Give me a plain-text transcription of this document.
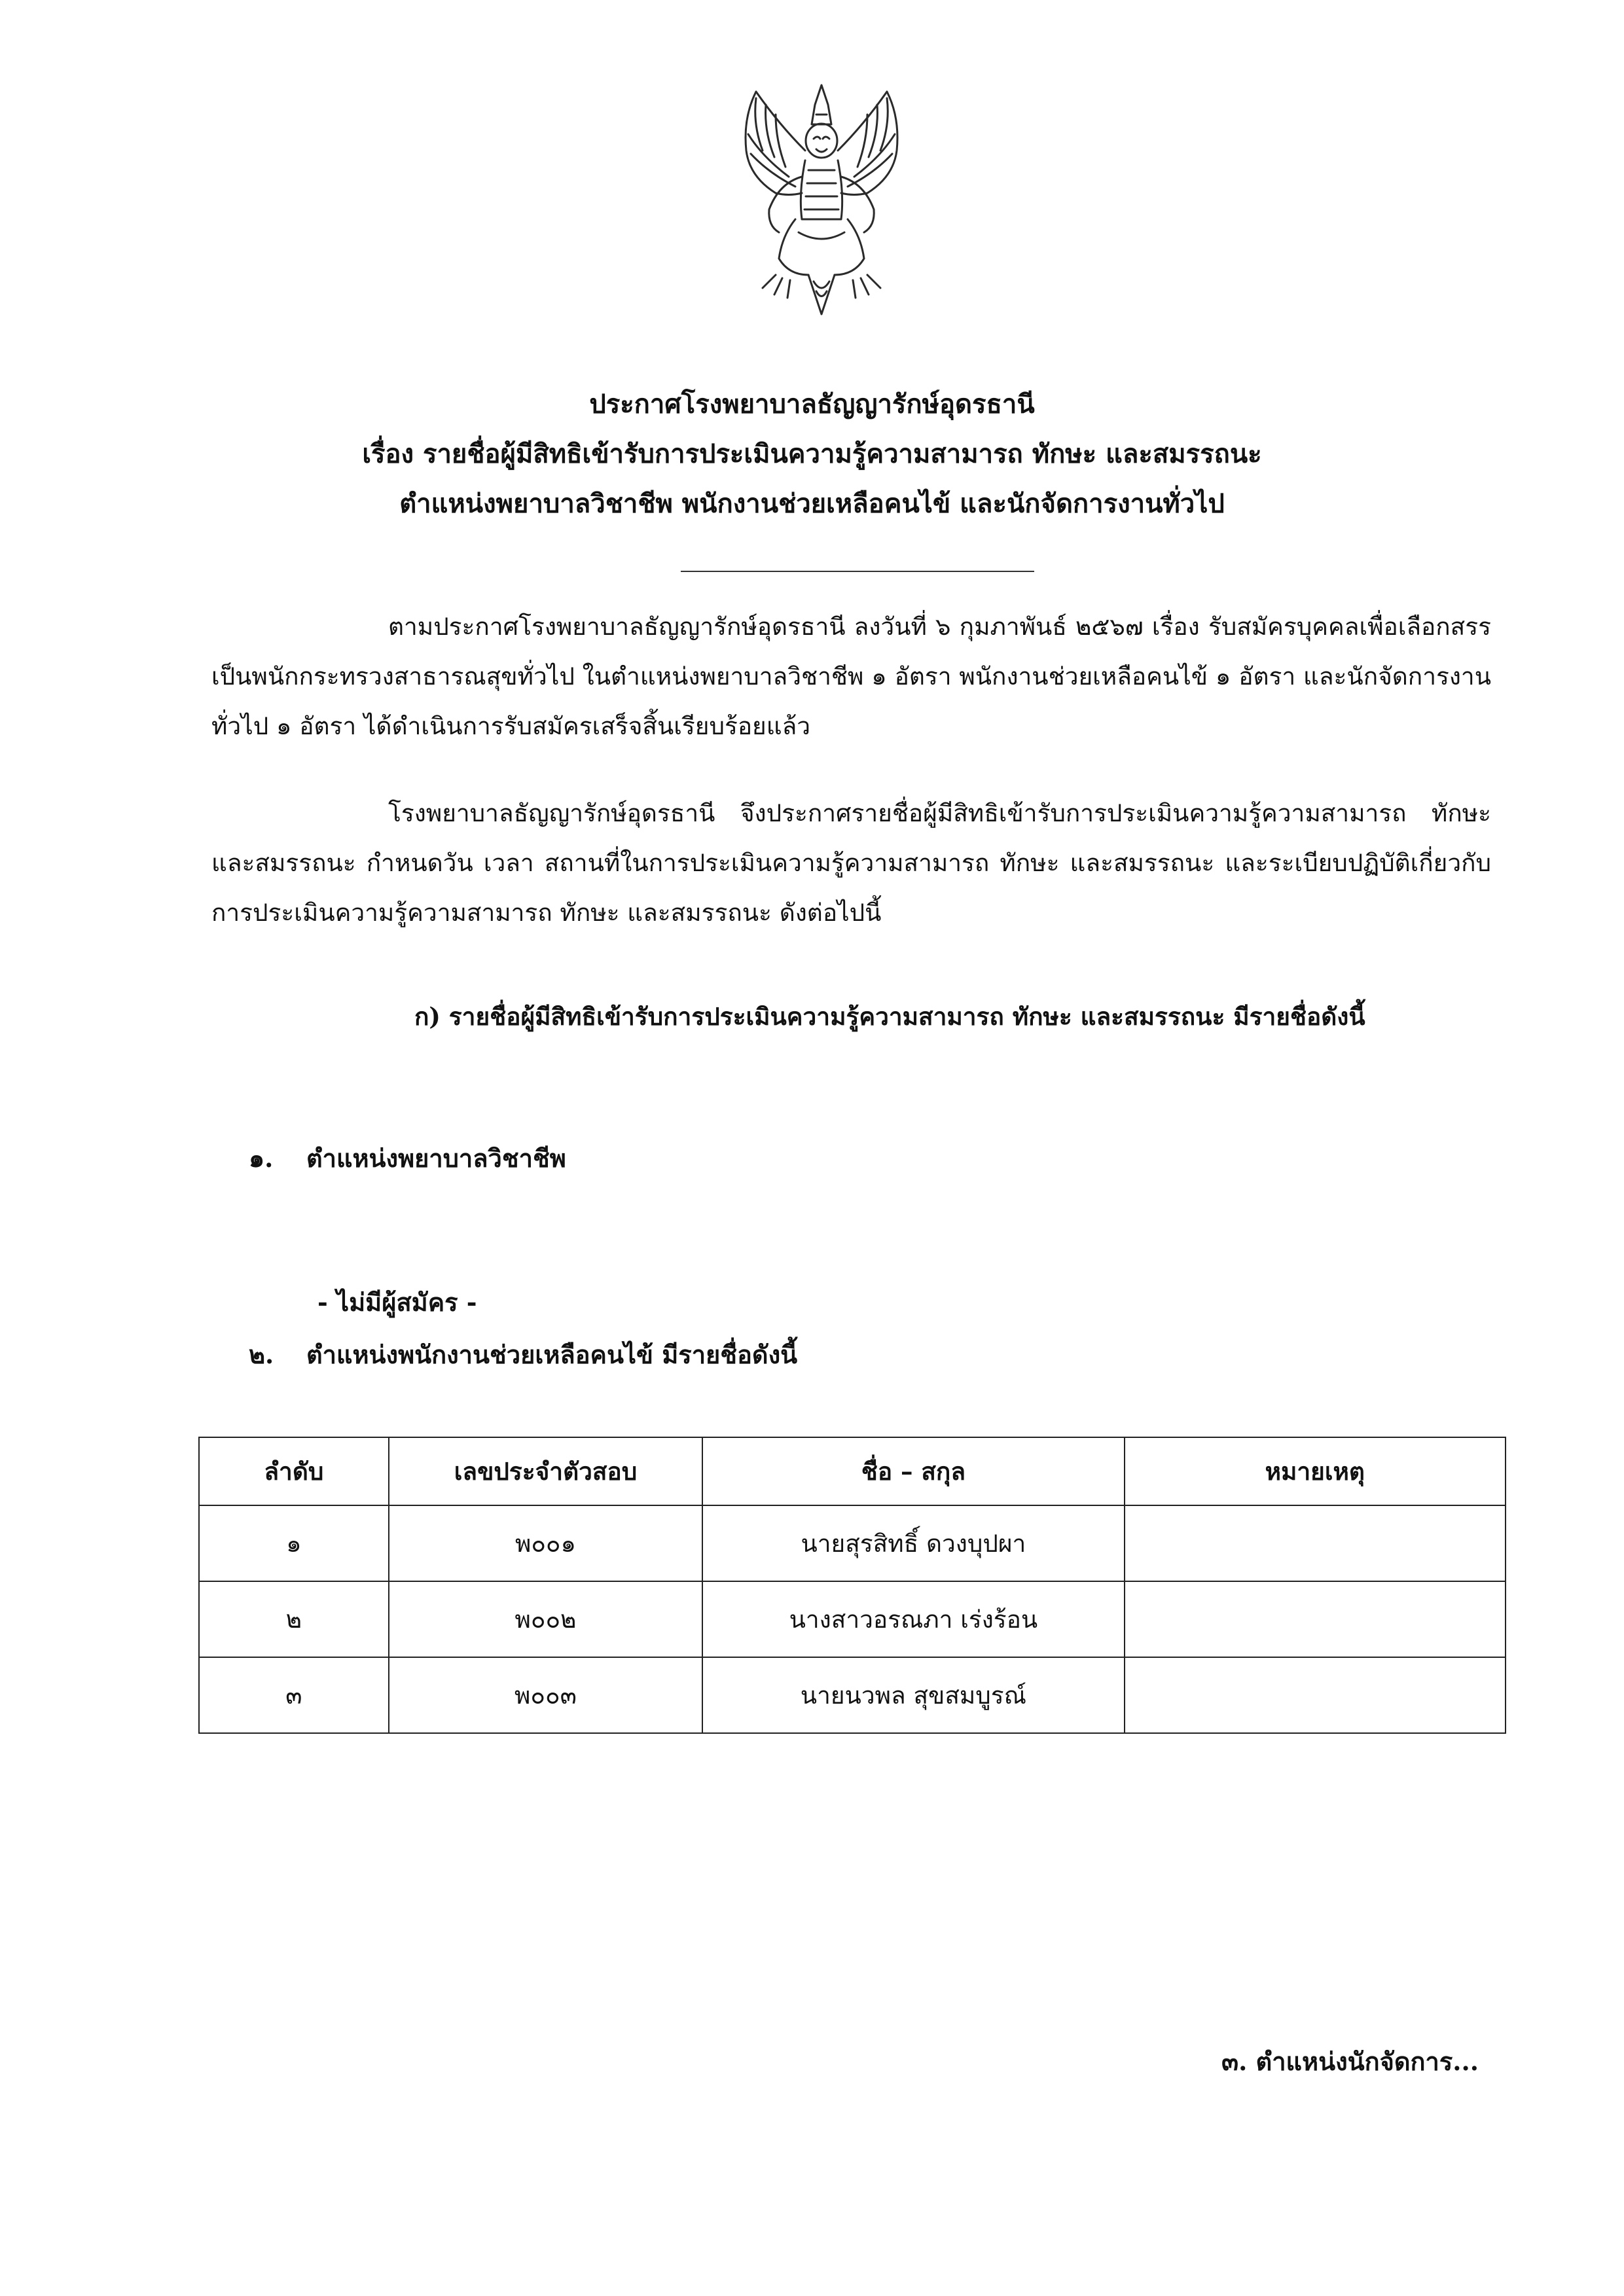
ประกาศโรงพยาบาลธัญญารักษ์อุดรธานี
เรื่อง รายชื่อผู้มีสิทธิเข้ารับการประเมินความรู้ความสามารถ ทักษะ และสมรรถนะ
ตำแหน่งพยาบาลวิชาชีพ พนักงานช่วยเหลือคนไข้ และนักจัดการงานทั่วไป

ตามประกาศโรงพยาบาลธัญญารักษ์อุดรธานี ลงวันที่ ๖ กุมภาพันธ์ ๒๕๖๗ เรื่อง รับสมัครบุคคลเพื่อเลือกสรรเป็นพนักกระทรวงสาธารณสุขทั่วไป ในตำแหน่งพยาบาลวิชาชีพ ๑ อัตรา พนักงานช่วยเหลือคนไข้ ๑ อัตรา และนักจัดการงานทั่วไป ๑ อัตรา ได้ดำเนินการรับสมัครเสร็จสิ้นเรียบร้อยแล้ว

โรงพยาบาลธัญญารักษ์อุดรธานี จึงประกาศรายชื่อผู้มีสิทธิเข้ารับการประเมินความรู้ความสามารถ ทักษะ และสมรรถนะ กำหนดวัน เวลา สถานที่ในการประเมินความรู้ความสามารถ ทักษะ และสมรรถนะ และระเบียบปฏิบัติเกี่ยวกับการประเมินความรู้ความสามารถ ทักษะ และสมรรถนะ ดังต่อไปนี้

ก) รายชื่อผู้มีสิทธิเข้ารับการประเมินความรู้ความสามารถ ทักษะ และสมรรถนะ มีรายชื่อดังนี้

๑. ตำแหน่งพยาบาลวิชาชีพ
- ไม่มีผู้สมัคร -
๒. ตำแหน่งพนักงานช่วยเหลือคนไข้ มีรายชื่อดังนี้
ลำดับ	เลขประจำตัวสอบ	ชื่อ – สกุล	หมายเหตุ
๑	พ๐๐๑	นายสุรสิทธิ์ ดวงบุปผา	
๒	พ๐๐๒	นางสาวอรณภา เร่งร้อน	
๓	พ๐๐๓	นายนวพล สุขสมบูรณ์	
๓. ตำแหน่งนักจัดการ...
